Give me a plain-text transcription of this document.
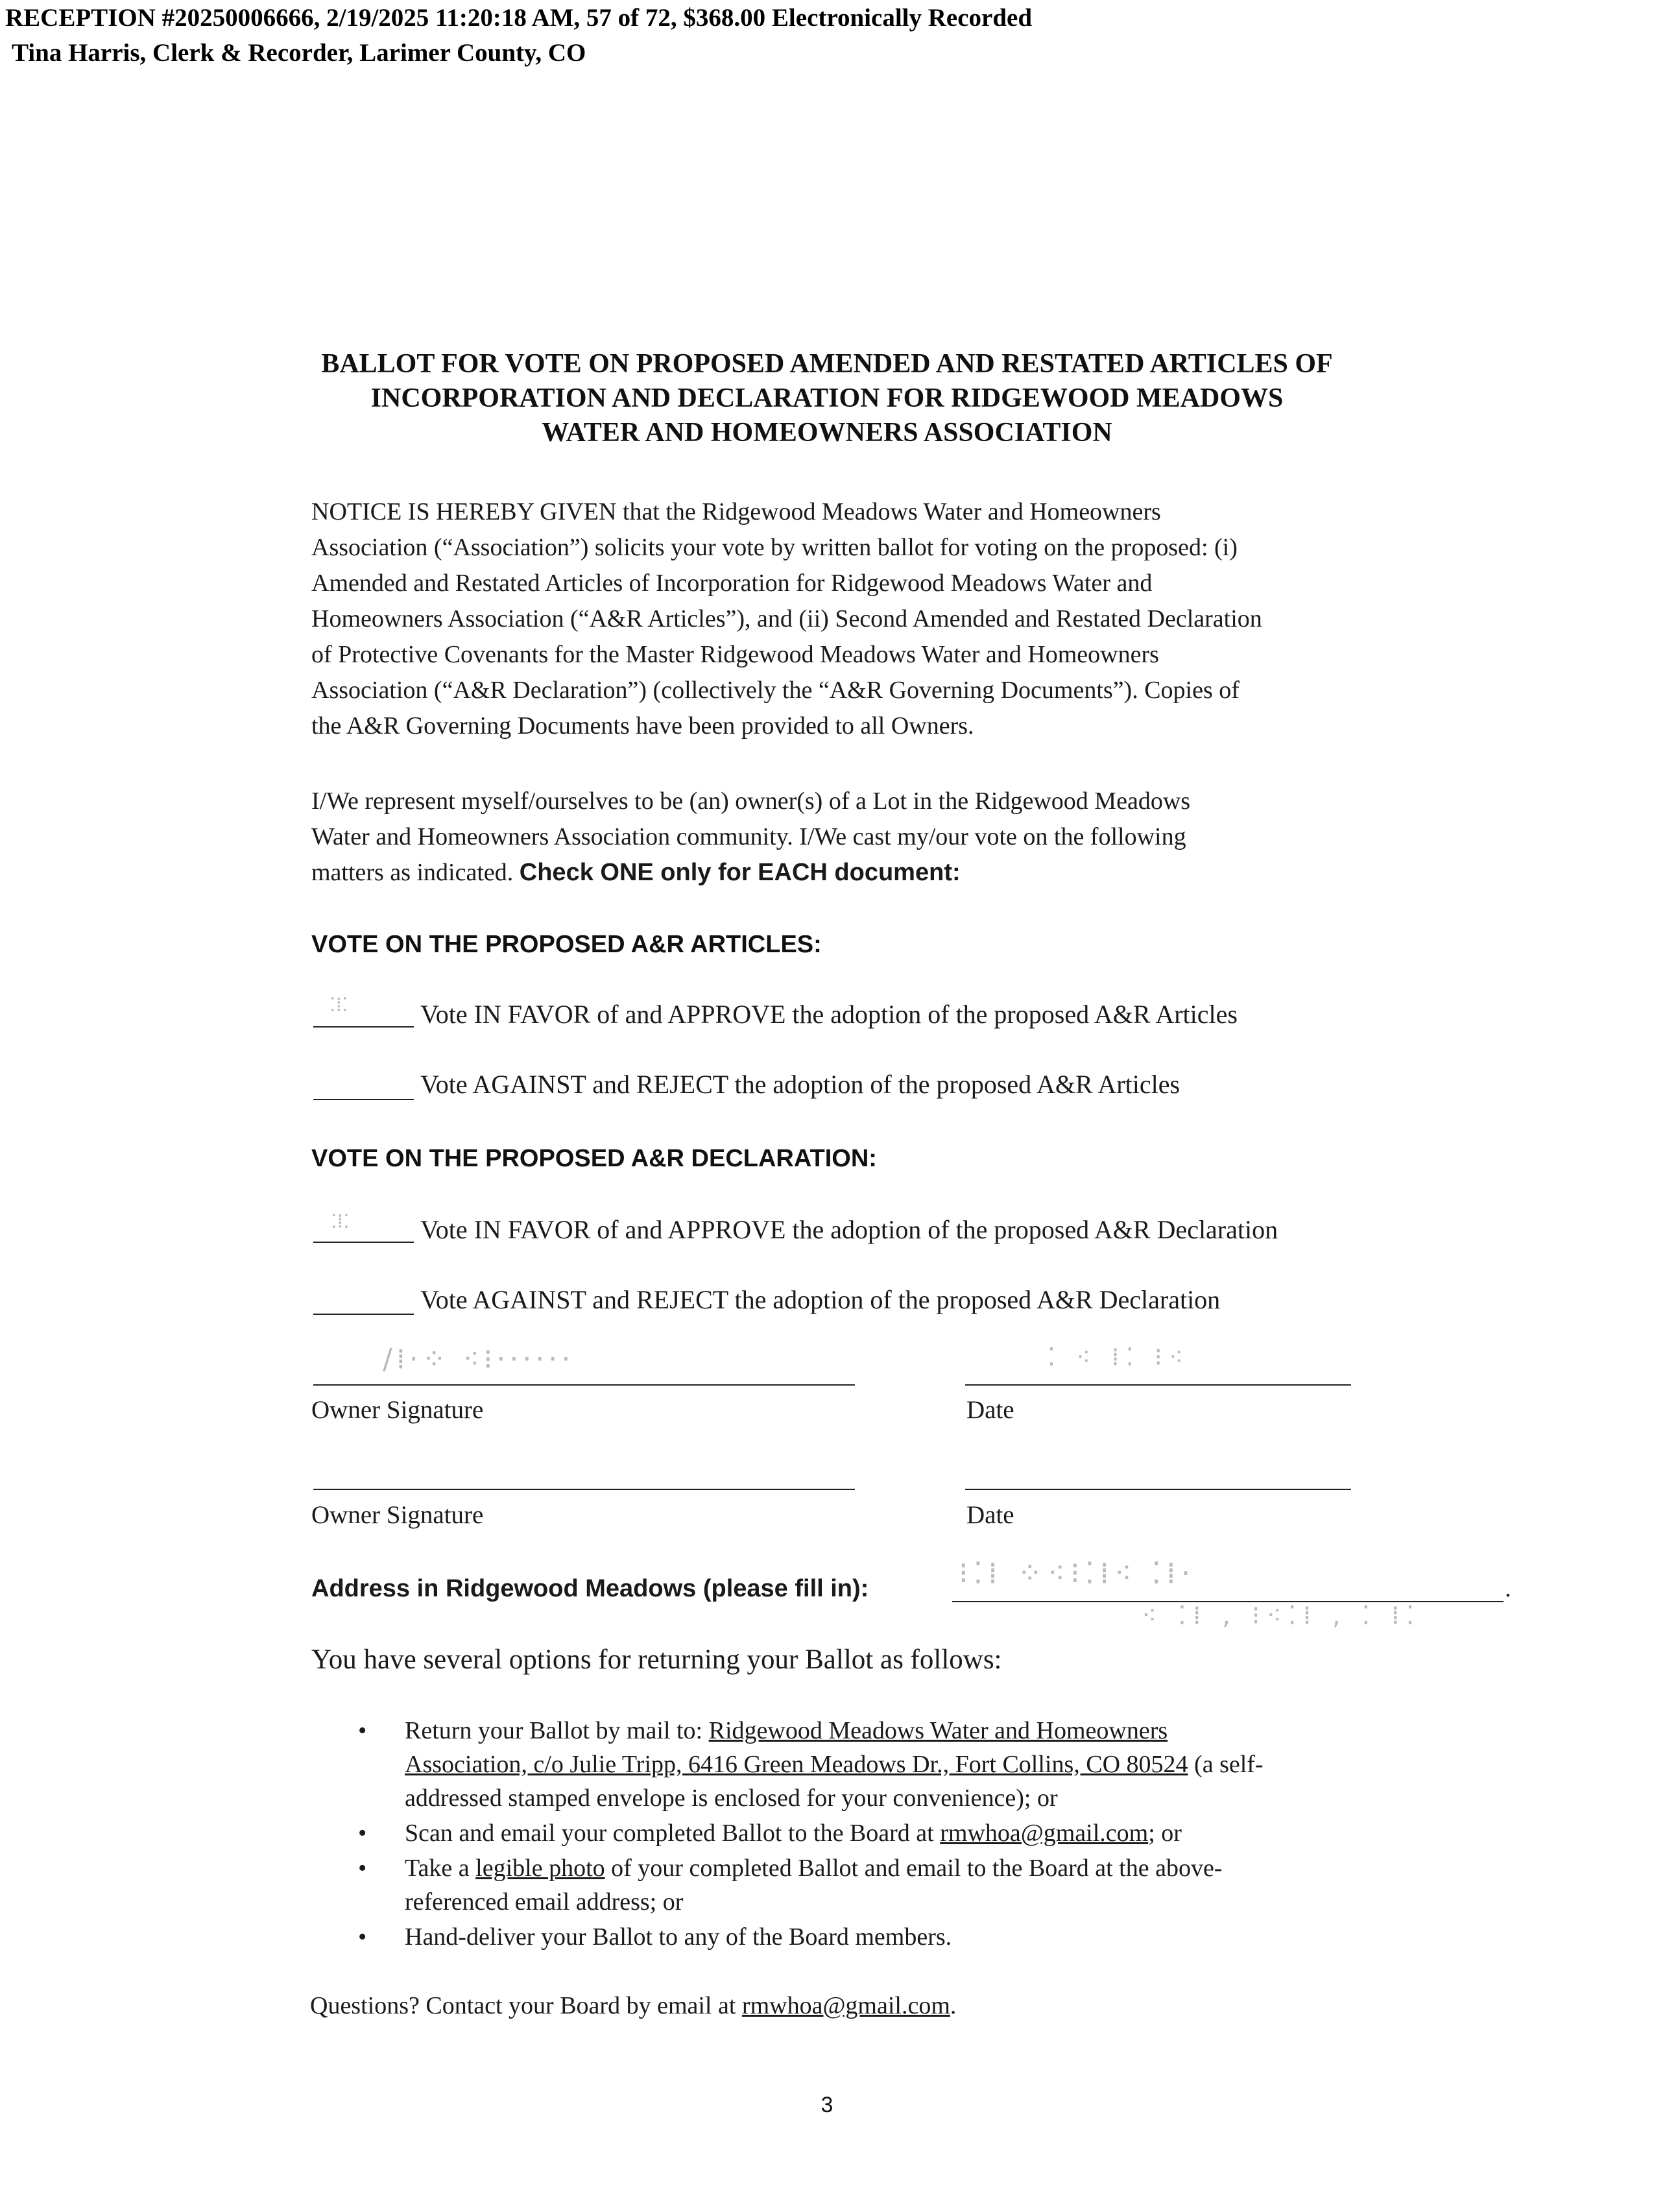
RECEPTION #20250006666, 2/19/2025 11:20:18 AM, 57 of 72, $368.00 Electronically Recorded
Tina Harris, Clerk & Recorder, Larimer County, CO
BALLOT FOR VOTE ON PROPOSED AMENDED AND RESTATED ARTICLES OF
INCORPORATION AND DECLARATION FOR RIDGEWOOD MEADOWS
WATER AND HOMEOWNERS ASSOCIATION
NOTICE IS HEREBY GIVEN that the Ridgewood Meadows Water and Homeowners
Association (“Association”) solicits your vote by written ballot for voting on the proposed: (i)
Amended and Restated Articles of Incorporation for Ridgewood Meadows Water and
Homeowners Association (“A&R Articles”), and (ii) Second Amended and Restated Declaration
of Protective Covenants for the Master Ridgewood Meadows Water and Homeowners
Association (“A&R Declaration”) (collectively the “A&R Governing Documents”). Copies of
the A&R Governing Documents have been provided to all Owners.
I/We represent myself/ourselves to be (an) owner(s) of a Lot in the Ridgewood Meadows
Water and Homeowners Association community. I/We cast my/our vote on the following
matters as indicated. Check ONE only for EACH document:
VOTE ON THE PROPOSED A&R ARTICLES:
⁚⁞⁚	Vote IN FAVOR of and APPROVE the adoption of the proposed A&R Articles
Vote AGAINST and REJECT the adoption of the proposed A&R Articles
VOTE ON THE PROPOSED A&R DECLARATION:
⁚⁞⁚	Vote IN FAVOR of and APPROVE the adoption of the proposed A&R Declaration
Vote AGAINST and REJECT the adoption of the proposed A&R Declaration
∕⁞·⁘ ⁖⁝······	⁚ ⁖ ⁞⁚ ⁝⁖
Owner Signature	Date
Owner Signature	Date
Address in Ridgewood Meadows (please fill in):	.
⁝⁚⁞ ⁘⁖⁝⁚⁞⁖ ⁚⁞·
⁖ ⁚⁞ , ⁝⁖⁚⁞ , ⁚ ⁞⁚
You have several options for returning your Ballot as follows:
• Return your Ballot by mail to: Ridgewood Meadows Water and Homeowners
Association, c/o Julie Tripp, 6416 Green Meadows Dr., Fort Collins, CO 80524 (a self-
addressed stamped envelope is enclosed for your convenience); or
• Scan and email your completed Ballot to the Board at rmwhoa@gmail.com; or
• Take a legible photo of your completed Ballot and email to the Board at the above-
referenced email address; or
• Hand-deliver your Ballot to any of the Board members.
Questions? Contact your Board by email at rmwhoa@gmail.com.
3
